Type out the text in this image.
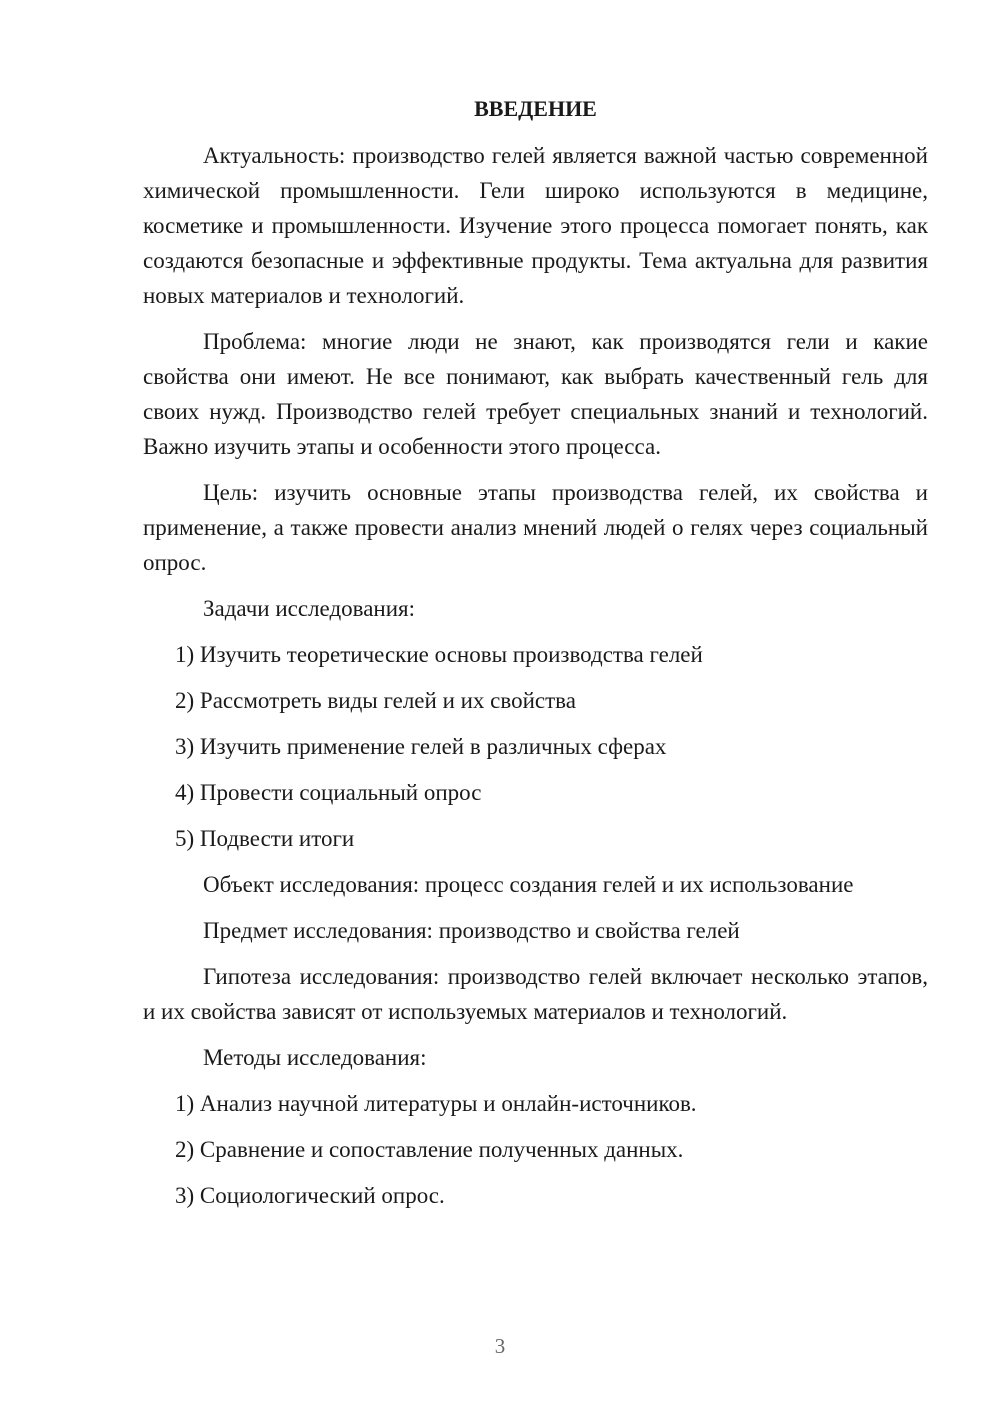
ВВЕДЕНИЕ
Актуальность: производство гелей является важной частью современной химической промышленности. Гели широко используются в медицине, косметике и промышленности. Изучение этого процесса помогает понять, как создаются безопасные и эффективные продукты. Тема актуальна для развития новых материалов и технологий.
Проблема: многие люди не знают, как производятся гели и какие свойства они имеют. Не все понимают, как выбрать качественный гель для своих нужд. Производство гелей требует специальных знаний и технологий. Важно изучить этапы и особенности этого процесса.
Цель: изучить основные этапы производства гелей, их свойства и применение, а также провести анализ мнений людей о гелях через социальный опрос.
Задачи исследования:
1) Изучить теоретические основы производства гелей
2) Рассмотреть виды гелей и их свойства
3) Изучить применение гелей в различных сферах
4) Провести социальный опрос
5) Подвести итоги
Объект исследования: процесс создания гелей и их использование
Предмет исследования: производство и свойства гелей
Гипотеза исследования: производство гелей включает несколько этапов, и их свойства зависят от используемых материалов и технологий.
Методы исследования:
1) Анализ научной литературы и онлайн-источников.
2) Сравнение и сопоставление полученных данных.
3) Социологический опрос.
3
